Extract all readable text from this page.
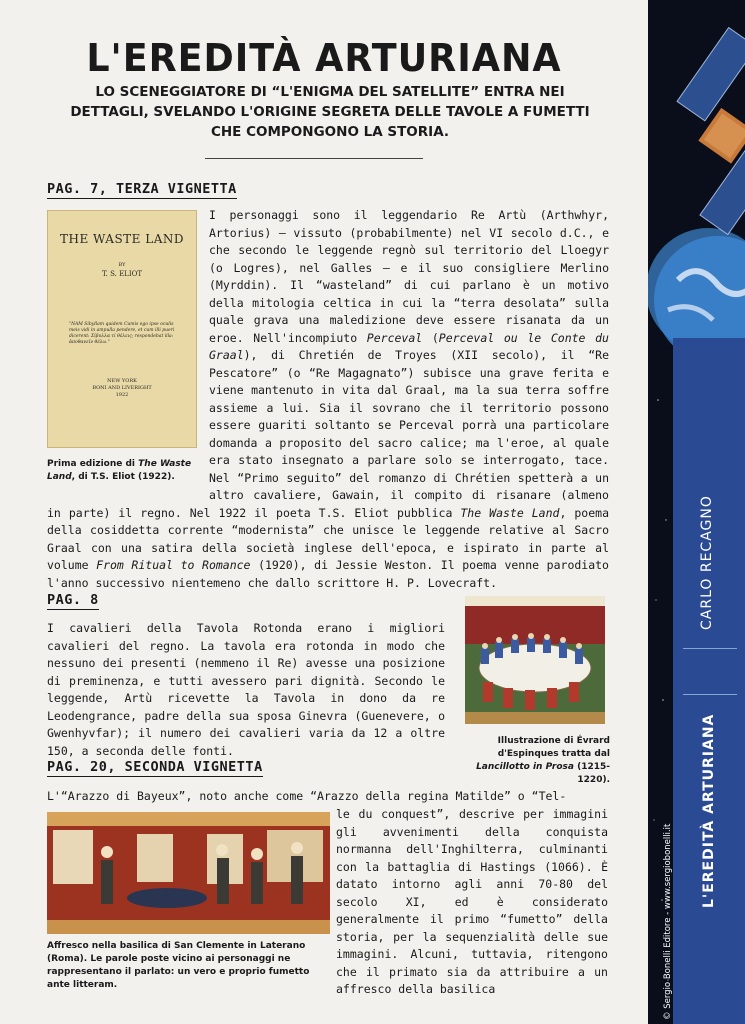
L'EREDITÀ ARTURIANA
LO SCENEGGIATORE DI “L'ENIGMA DEL SATELLITE” ENTRA NEI DETTAGLI, SVELANDO L'ORIGINE SEGRETA DELLE TAVOLE A FUMETTI CHE COMPONGONO LA STORIA.
PAG. 7, TERZA VIGNETTA
THE WASTE LAND
BY
T. S. ELIOT
"NAM Sibyllam quidem Cumis ego ipse oculis meis vidi in ampulla pendere, et cum illi pueri dicerent: Σίβυλλα τί θέλεις; respondebat illa: ἀποθανεῖν θέλω."
NEW YORK
BONI AND LIVERIGHT
1922

Prima edizione di The Waste Land, di T.S. Eliot (1922).

I personaggi sono il leggendario Re Artù (Arthwhyr, Artorius) – vissuto (probabilmente) nel VI secolo d.C., e che secondo le leggende regnò sul territorio del Lloegyr (o Logres), nel Galles – e il suo consigliere Merlino (Myrddin). Il “wasteland” di cui parlano è un motivo della mitologia celtica in cui la “terra desolata” sulla quale grava una maledizione deve essere risanata da un eroe. Nell'incompiuto Perceval (Perceval ou le Conte du Graal), di Chretién de Troyes (XII secolo), il “Re Pescatore” (o “Re Magagnato”) subisce una grave ferita e viene mantenuto in vita dal Graal, ma la sua terra soffre assieme a lui. Sia il sovrano che il territorio possono essere guariti soltanto se Perceval porrà una particolare domanda a proposito del sacro calice; ma l'eroe, al quale era stato insegnato a parlare solo se interrogato, tace. Nel “Primo seguito” del romanzo di Chrétien spetterà a un altro cavaliere, Gawain, il compito di risanare (almeno in parte) il regno. Nel 1922 il poeta T.S. Eliot pubblica The Waste Land, poema della cosiddetta corrente “modernista” che unisce le leggende relative al Sacro Graal con una satira della società inglese dell'epoca, e ispirato in parte al volume From Ritual to Romance (1920), di Jessie Weston. Il poema venne parodiato l'anno successivo nientemeno che dallo scrittore H. P. Lovecraft.

PAG. 8

I cavalieri della Tavola Rotonda erano i migliori cavalieri del regno. La tavola era rotonda in modo che nessuno dei presenti (nemmeno il Re) avesse una posizione di preminenza, e tutti avessero pari dignità. Secondo le leggende, Artù ricevette la Tavola in dono da re Leodengrance, padre della sua sposa Ginevra (Guenevere, o Gwenhyvfar); il numero dei cavalieri varia da 12 a oltre 150, a seconda delle fonti.

Illustrazione di Évrard d'Espinques tratta dal Lancillotto in Prosa (1215-1220).

PAG. 20, SECONDA VIGNETTA

L'“Arazzo di Bayeux”, noto anche come “Arazzo della regina Matilde” o “Tel-

Affresco nella basilica di San Clemente in Laterano (Roma). Le parole poste vicino ai personaggi ne rappresentano il parlato: un vero e proprio fumetto ante litteram.

le du conquest”, descrive per immagini gli avvenimenti della conquista normanna dell'Inghilterra, culminanti con la battaglia di Hastings (1066). È datato intorno agli anni 70-80 del secolo XI, ed è considerato generalmente il primo “fumetto” della storia, per la sequenzialità delle sue immagini. Alcuni, tuttavia, ritengono che il primato sia da attribuire a un affresco della basilica

CARLO RECAGNO
L'EREDITÀ ARTURIANA
© Sergio Bonelli Editore - www.sergiobonelli.it
